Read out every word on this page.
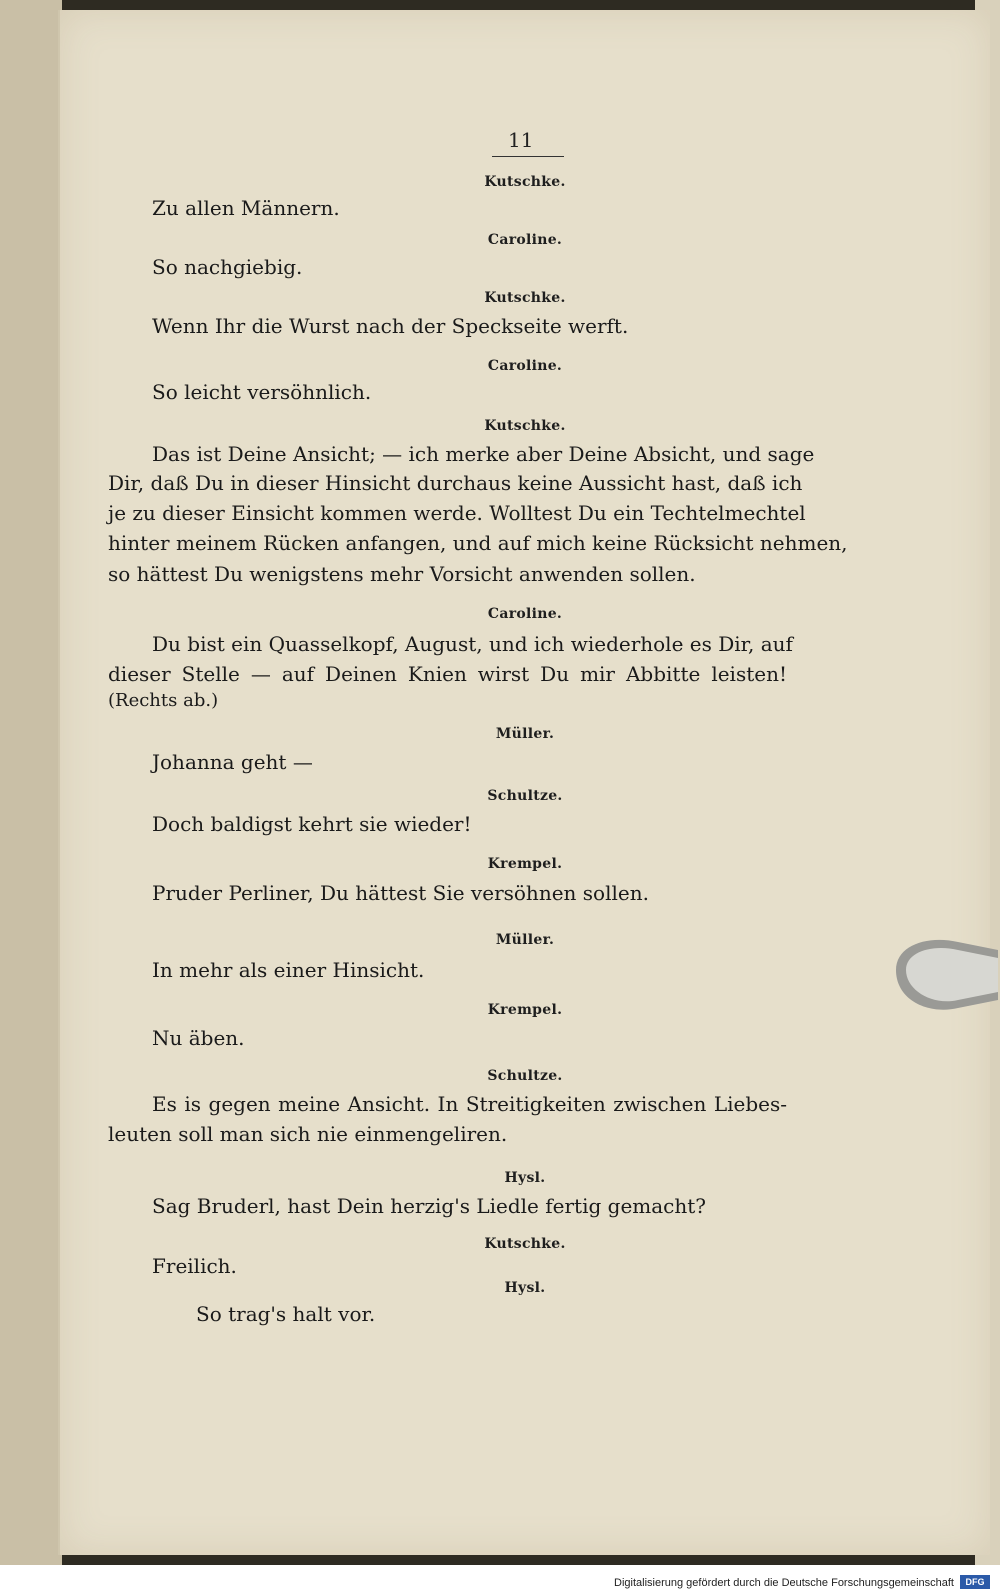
11
Kutschke.
Zu allen Männern.
Caroline.
So nachgiebig.
Kutschke.
Wenn Ihr die Wurst nach der Speckseite werft.
Caroline.
So leicht versöhnlich.
Kutschke.
Das ist Deine Ansicht; — ich merke aber Deine Absicht, und sage
Dir, daß Du in dieser Hinsicht durchaus keine Aussicht hast, daß ich
je zu dieser Einsicht kommen werde. Wolltest Du ein Techtelmechtel
hinter meinem Rücken anfangen, und auf mich keine Rücksicht nehmen,
so hättest Du wenigstens mehr Vorsicht anwenden sollen.
Caroline.
Du bist ein Quasselkopf, August, und ich wiederhole es Dir, auf
dieser Stelle — auf Deinen Knien wirst Du mir Abbitte leisten!
(Rechts ab.)
Müller.
Johanna geht —
Schultze.
Doch baldigst kehrt sie wieder!
Krempel.
Pruder Perliner, Du hättest Sie versöhnen sollen.
Müller.
In mehr als einer Hinsicht.
Krempel.
Nu äben.
Schultze.
Es is gegen meine Ansicht. In Streitigkeiten zwischen Liebes-
leuten soll man sich nie einmengeliren.
Hysl.
Sag Bruderl, hast Dein herzig's Liedle fertig gemacht?
Kutschke.
Freilich.
Hysl.
So trag's halt vor.
Digitalisierung gefördert durch die Deutsche Forschungsgemeinschaft	DFG
